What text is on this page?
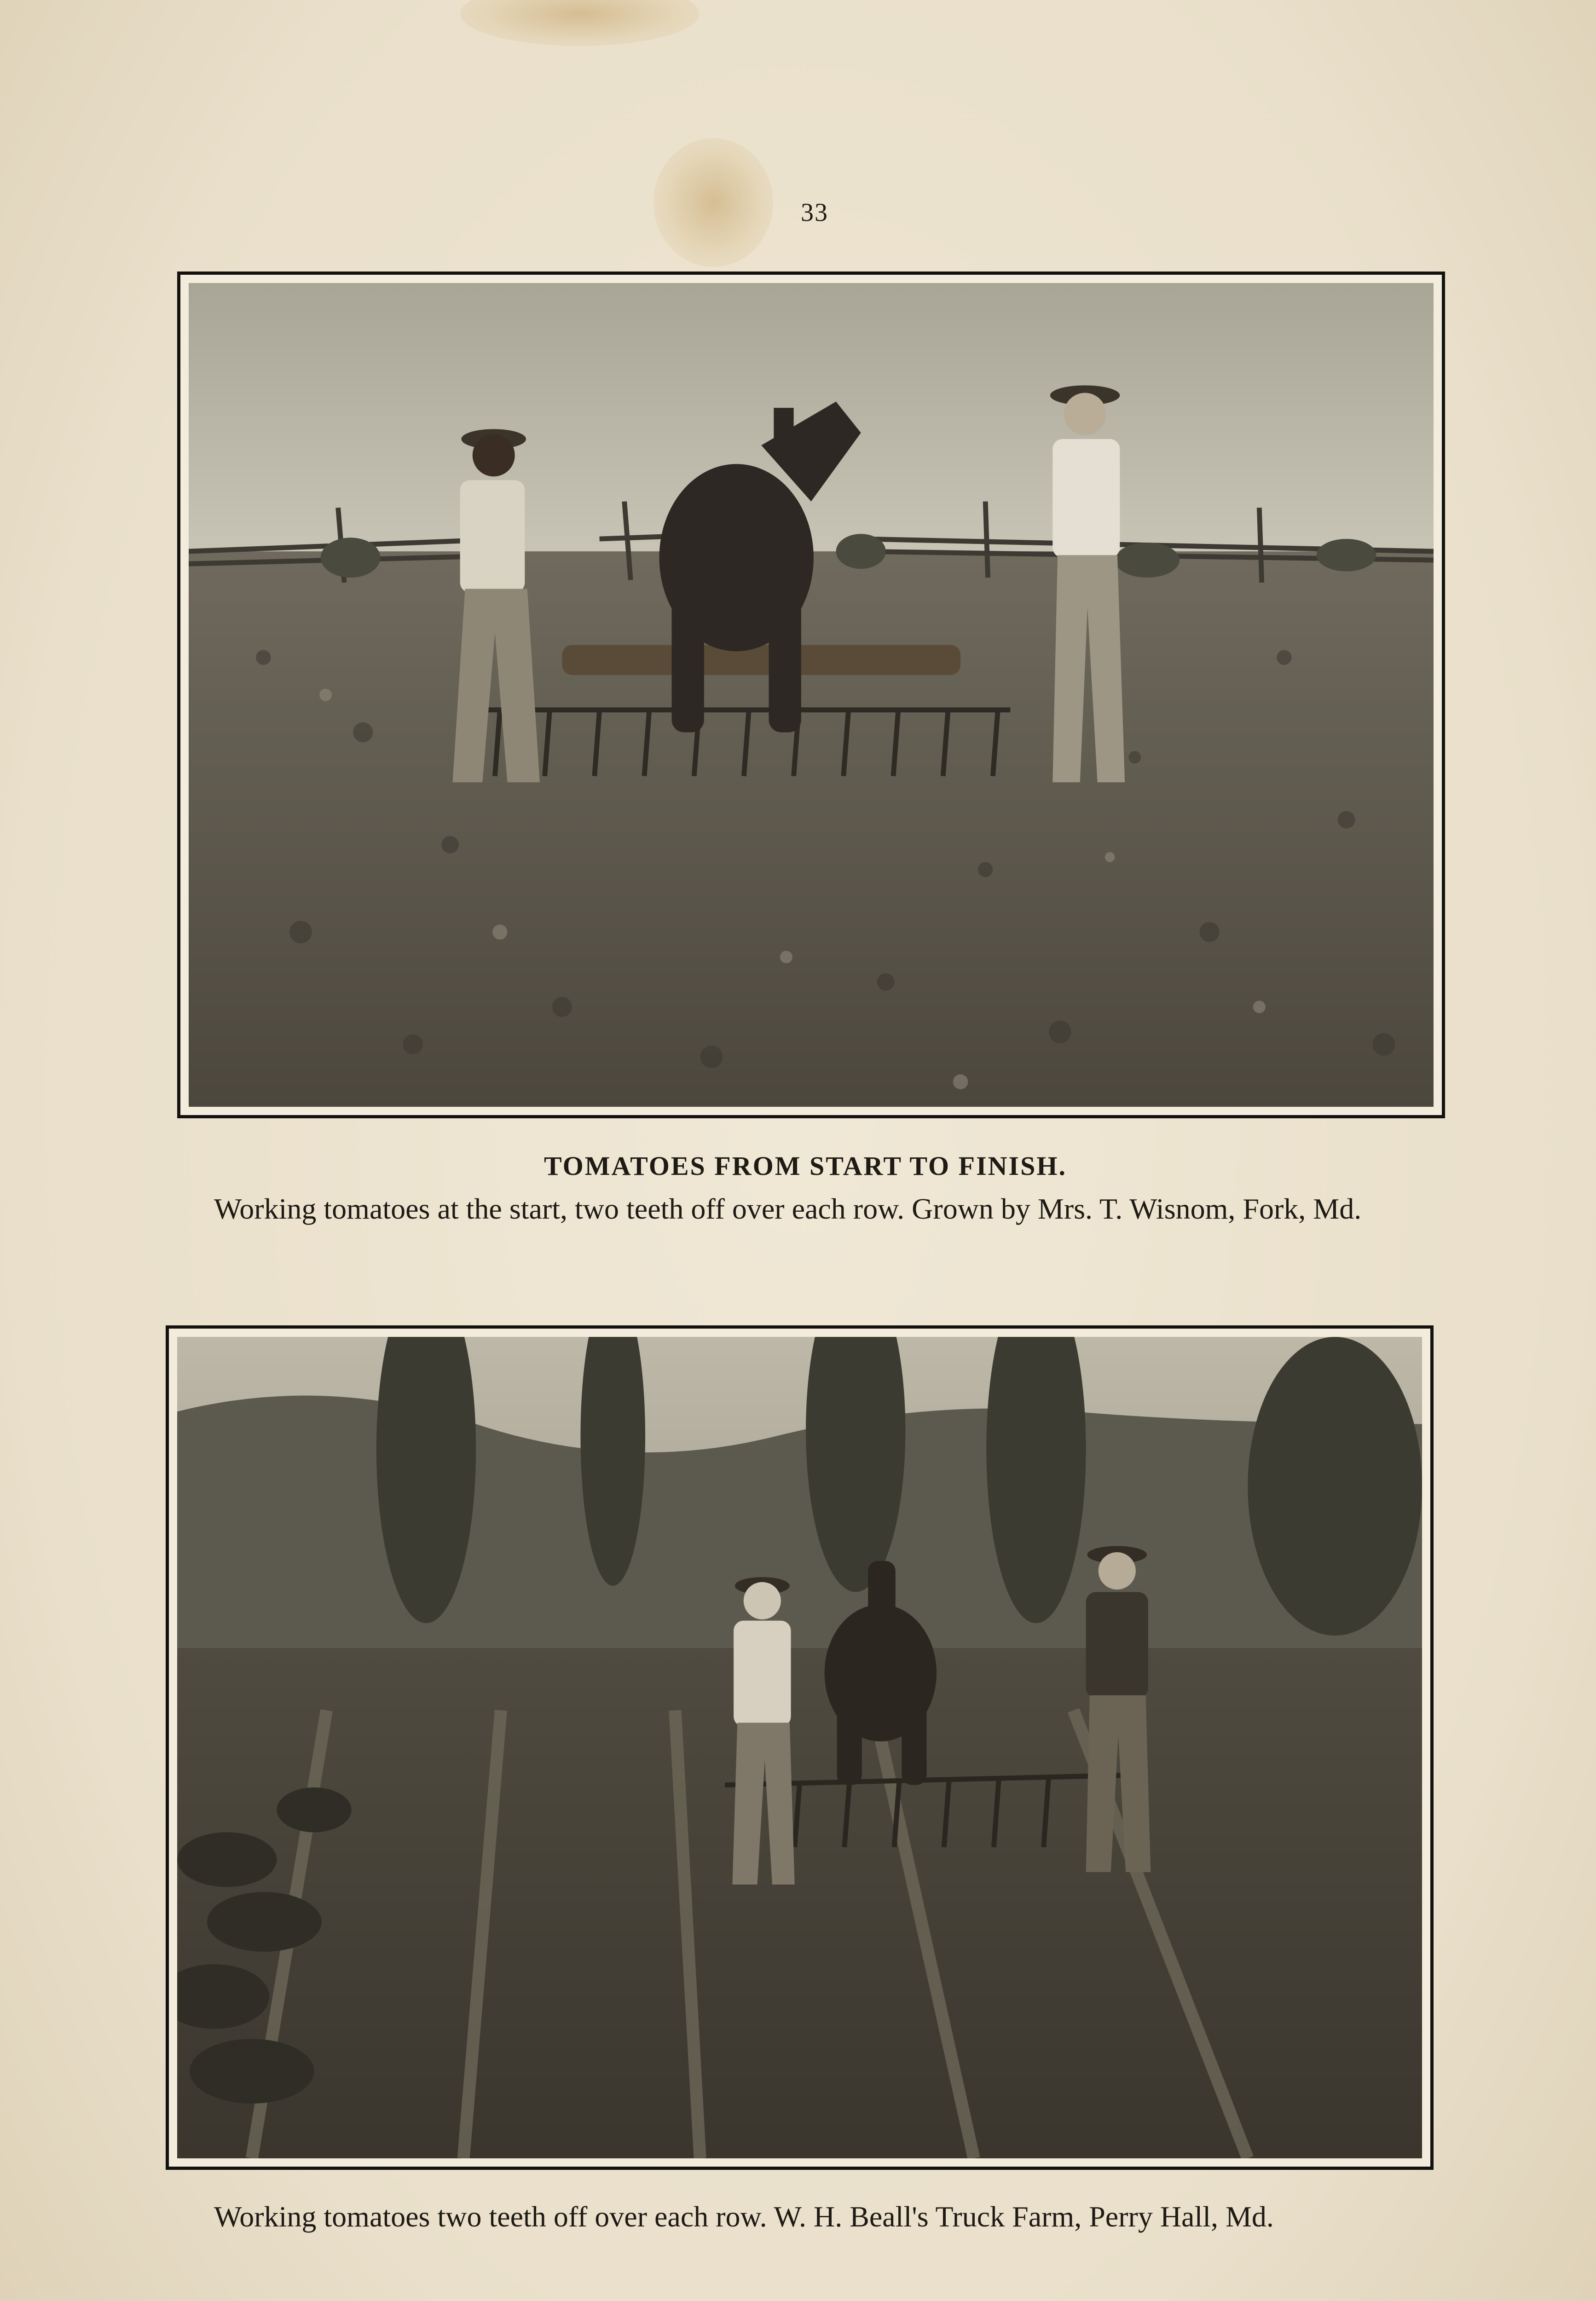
33
TOMATOES FROM START TO FINISH.

Working tomatoes at the start, two teeth off over each row. Grown by Mrs. T. Wisnom, Fork, Md.

Working tomatoes two teeth off over each row. W. H. Beall's Truck Farm, Perry Hall, Md.
